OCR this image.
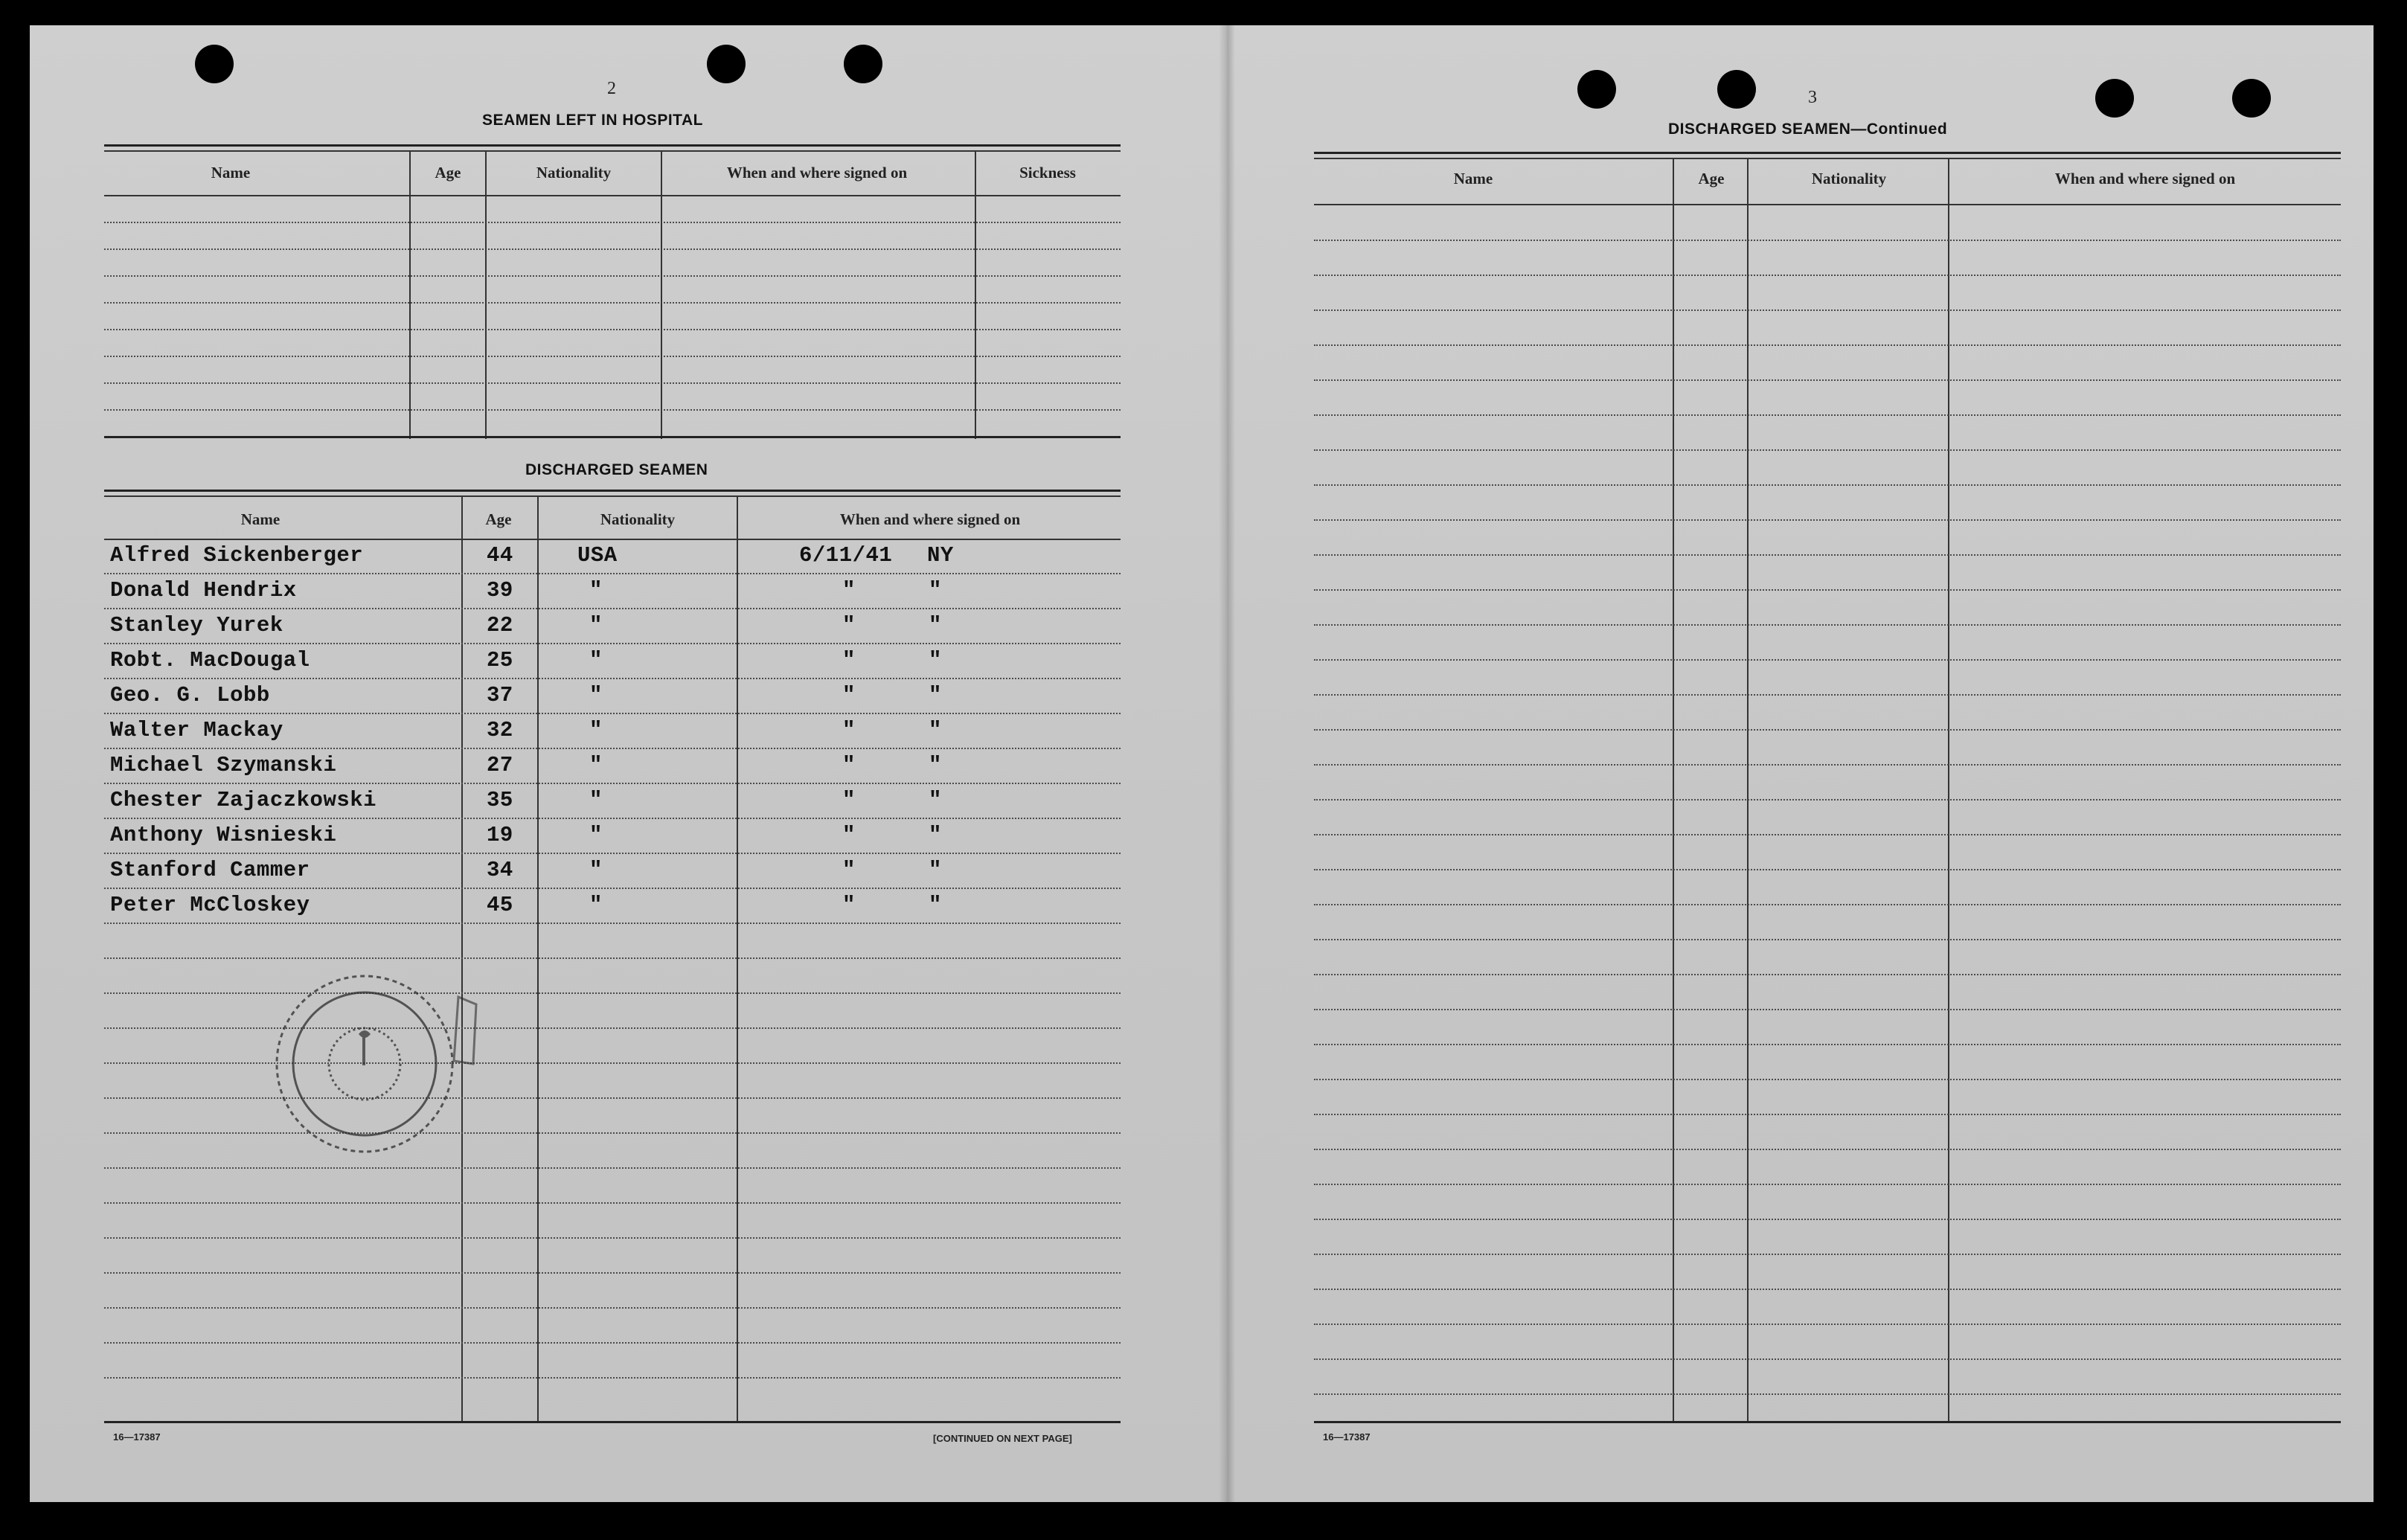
2
SEAMEN LEFT IN HOSPITAL
Name	Age	Nationality	When and where signed on	Sickness
DISCHARGED SEAMEN
Name	Age	Nationality	When and where signed on
Alfred Sickenberger	44	USA	6/11/41 NY
Donald Hendrix	39	"	"	"
Stanley Yurek	22	"	"	"
Robt. MacDougal	25	"	"	"
Geo. G. Lobb	37	"	"	"
Walter Mackay	32	"	"	"
Michael Szymanski	27	"	"	"
Chester Zajaczkowski	35	"	"	"
Anthony Wisnieski	19	"	"	"
Stanford Cammer	34	"	"	"
Peter McCloskey	45	"	"	"
16—17387	[CONTINUED ON NEXT PAGE]
3
DISCHARGED SEAMEN—Continued
Name	Age	Nationality	When and where signed on
16—17387
